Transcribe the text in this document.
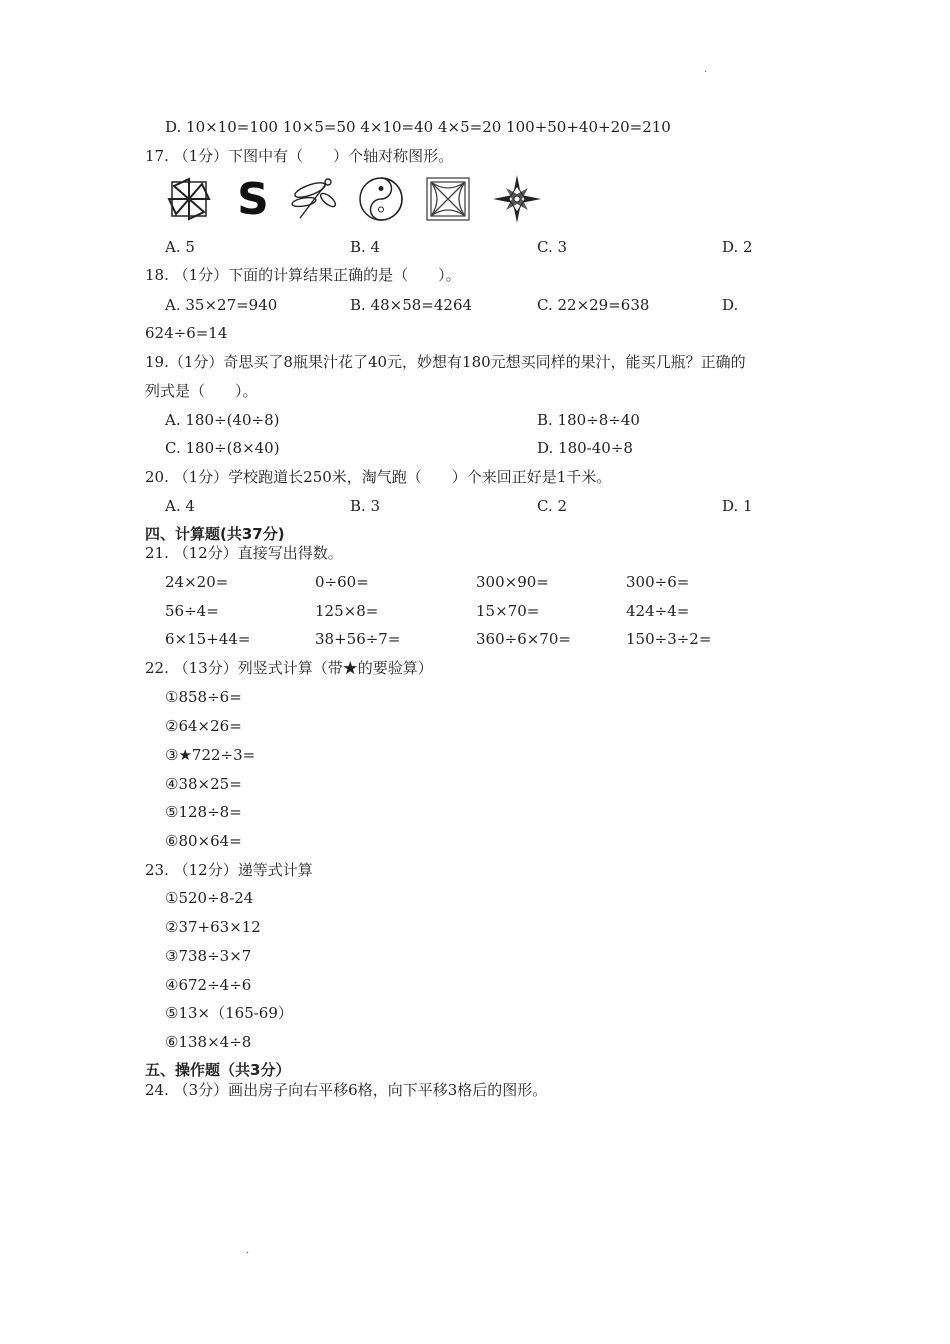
.
D. 10×10=100 10×5=50 4×10=40 4×5=20 100+50+40+20=210
17. （1分）下图中有（　　）个轴对称图形。
S
A. 5	B. 4	C. 3	D. 2
18. （1分）下面的计算结果正确的是（　　）。
A. 35×27=940	B. 48×58=4264	C. 22×29=638	D.
624÷6=14
19.（1分）奇思买了8瓶果汁花了40元，妙想有180元想买同样的果汁，能买几瓶？正确的
列式是（　　）。
A. 180÷(40÷8)	B. 180÷8÷40
C. 180÷(8×40)	D. 180-40÷8
20. （1分）学校跑道长250米，淘气跑（　　）个来回正好是1千米。
A. 4	B. 3	C. 2	D. 1
四、计算题(共37分)
21. （12分）直接写出得数。
24×20=	0÷60=	300×90=	300÷6=
56÷4=	125×8=	15×70=	424÷4=
6×15+44=	38+56÷7=	360÷6×70=	150÷3÷2=
22. （13分）列竖式计算（带★的要验算）
①858÷6=
②64×26=
③★722÷3=
④38×25=
⑤128÷8=
⑥80×64=
23. （12分）递等式计算
①520÷8-24
②37+63×12
③738÷3×7
④672÷4÷6
⑤13×（165-69）
⑥138×4÷8
五、操作题（共3分）
24. （3分）画出房子向右平移6格，向下平移3格后的图形。
.
